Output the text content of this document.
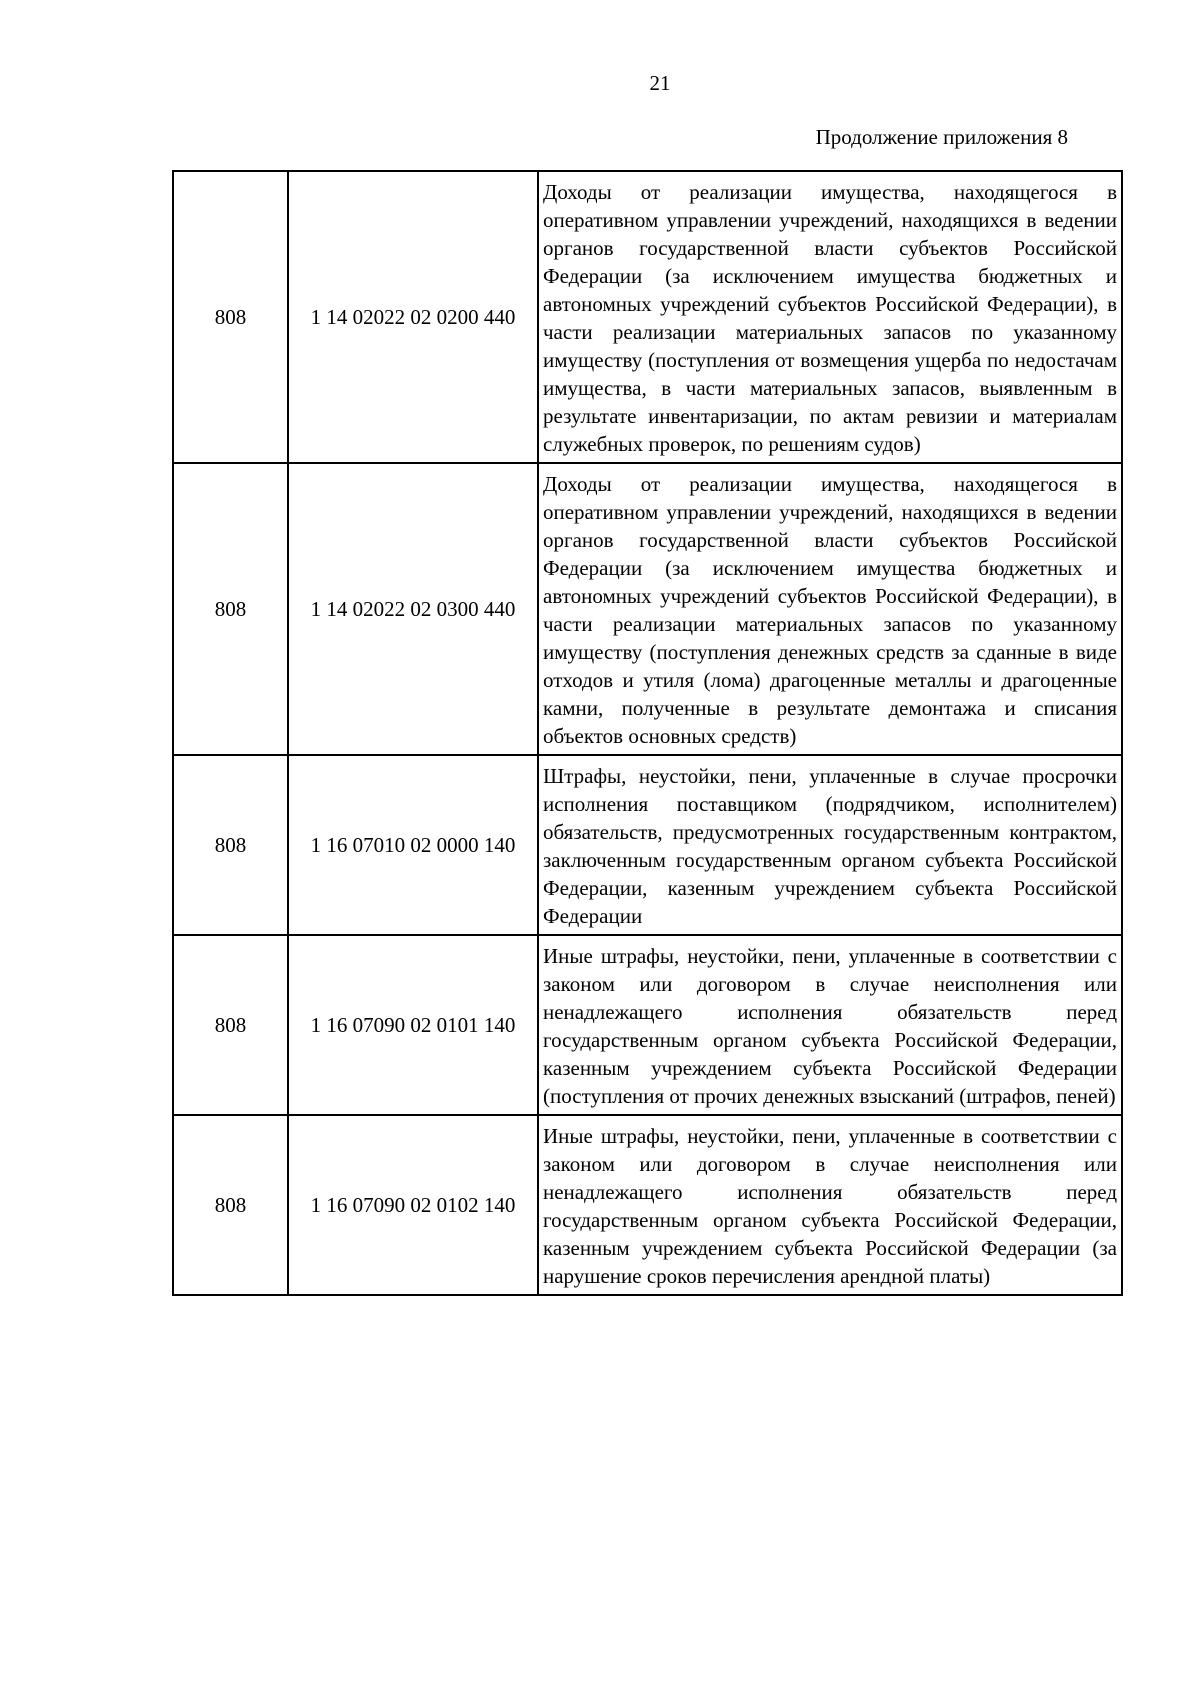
21
Продолжение приложения 8
808	1 14 02022 02 0200 440	Доходы от реализации имущества, находящегося в оперативном управлении учреждений, находящихся в ведении органов государственной власти субъектов Российской Федерации (за исключением имущества бюджетных и автономных учреждений субъектов Российской Федерации), в части реализации материальных запасов по указанному имуществу (поступления от возмещения ущерба по недостачам имущества, в части материальных запасов, выявленным в результате инвентаризации, по актам ревизии и материалам служебных проверок, по решениям судов)
808	1 14 02022 02 0300 440	Доходы от реализации имущества, находящегося в оперативном управлении учреждений, находящихся в ведении органов государственной власти субъектов Российской Федерации (за исключением имущества бюджетных и автономных учреждений субъектов Российской Федерации), в части реализации материальных запасов по указанному имуществу (поступления денежных средств за сданные в виде отходов и утиля (лома) драгоценные металлы и драгоценные камни, полученные в результате демонтажа и списания объектов основных средств)
808	1 16 07010 02 0000 140	Штрафы, неустойки, пени, уплаченные в случае просрочки исполнения поставщиком (подрядчиком, исполнителем) обязательств, предусмотренных государственным контрактом, заключенным государственным органом субъекта Российской Федерации, казенным учреждением субъекта Российской Федерации
808	1 16 07090 02 0101 140	Иные штрафы, неустойки, пени, уплаченные в соответствии с законом или договором в случае неисполнения или ненадлежащего исполнения обязательств перед государственным органом субъекта Российской Федерации, казенным учреждением субъекта Российской Федерации (поступления от прочих денежных взысканий (штрафов, пеней)
808	1 16 07090 02 0102 140	Иные штрафы, неустойки, пени, уплаченные в соответствии с законом или договором в случае неисполнения или ненадлежащего исполнения обязательств перед государственным органом субъекта Российской Федерации, казенным учреждением субъекта Российской Федерации (за нарушение сроков перечисления арендной платы)
